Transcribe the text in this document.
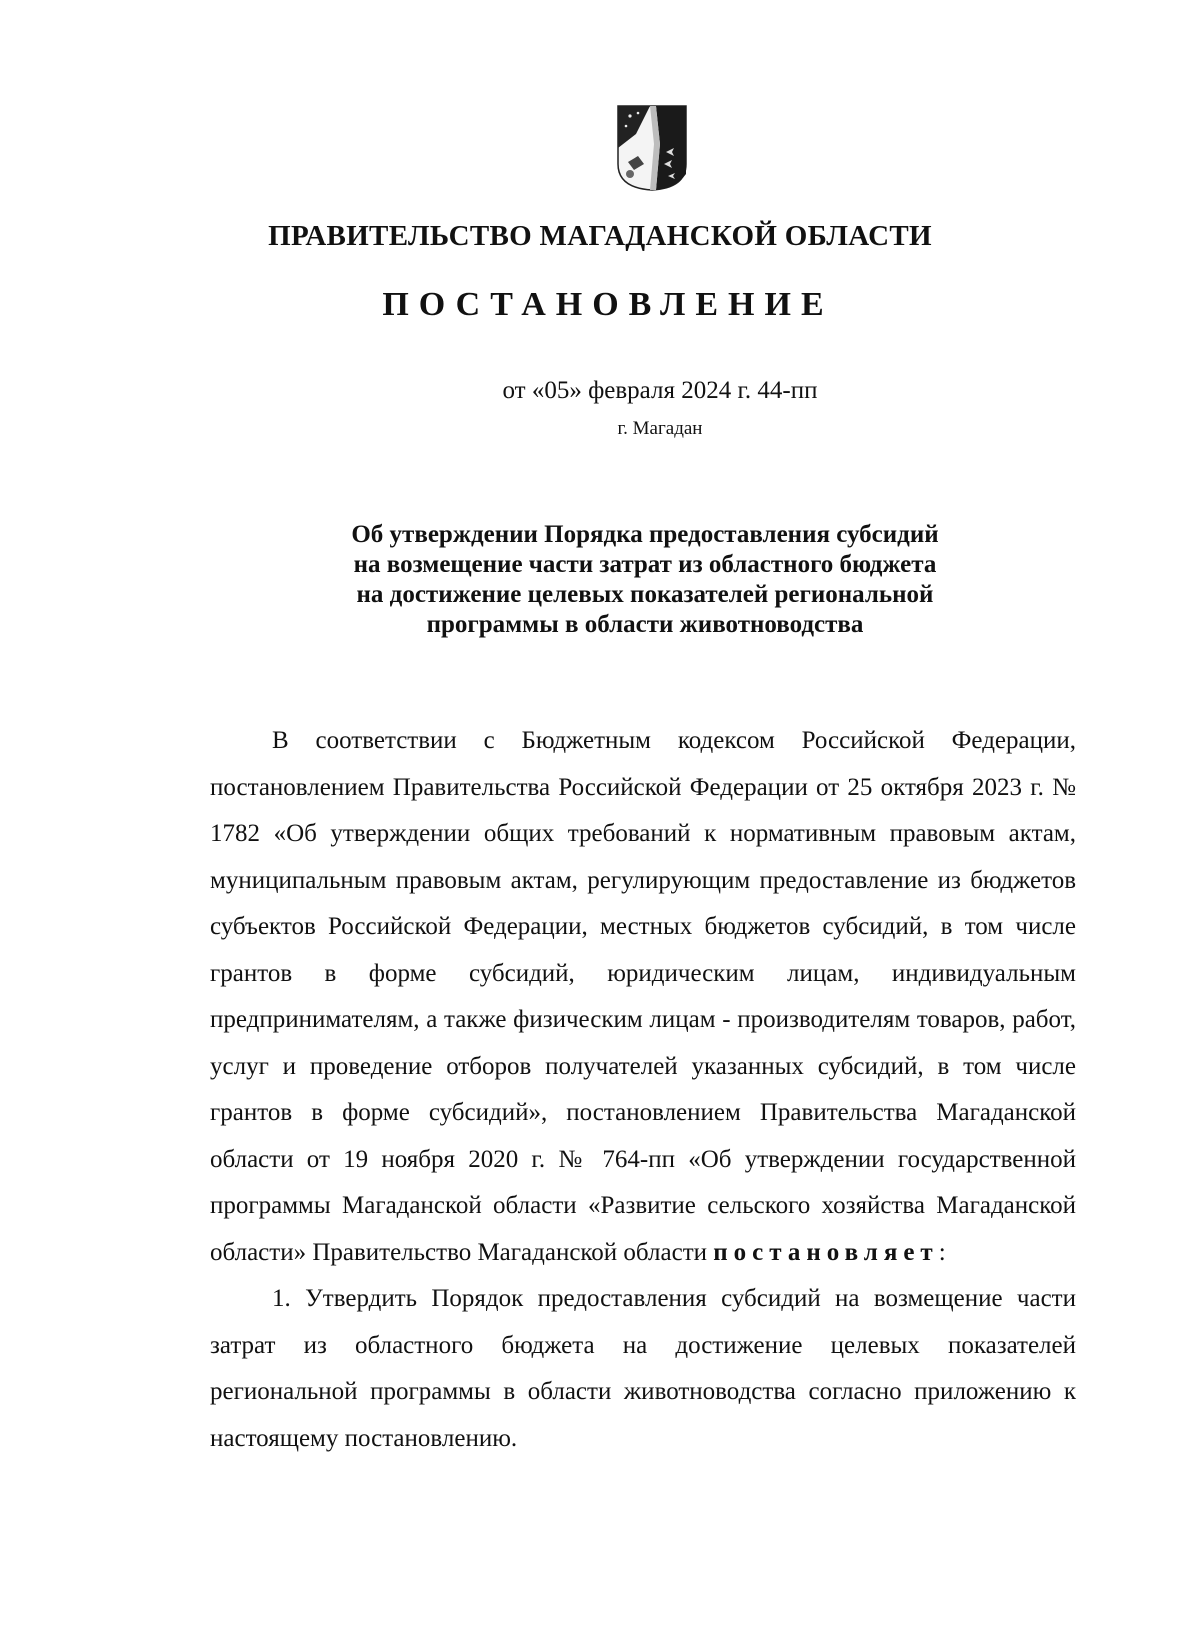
ПРАВИТЕЛЬСТВО МАГАДАНСКОЙ ОБЛАСТИ
ПОСТАНОВЛЕНИЕ
от «05» февраля 2024 г. 44-пп
г. Магадан
Об утверждении Порядка предоставления субсидий
на возмещение части затрат из областного бюджета
на достижение целевых показателей региональной
программы в области животноводства

В соответствии с Бюджетным кодексом Российской Федерации, постановлением Правительства Российской Федерации от 25 октября 2023 г. № 1782 «Об утверждении общих требований к нормативным правовым актам, муниципальным правовым актам, регулирующим предоставление из бюджетов субъектов Российской Федерации, местных бюджетов субсидий, в том числе грантов в форме субсидий, юридическим лицам, индивидуальным предпринимателям, а также физическим лицам - производителям товаров, работ, услуг и проведение отборов получателей указанных субсидий, в том числе грантов в форме субсидий», постановлением Правительства Магаданской области от 19 ноября 2020 г. № 764-пп «Об утверждении государственной программы Магаданской области «Развитие сельского хозяйства Магаданской области» Правительство Магаданской области постановляет:

1. Утвердить Порядок предоставления субсидий на возмещение части затрат из областного бюджета на достижение целевых показателей региональной программы в области животноводства согласно приложению к настоящему постановлению.
